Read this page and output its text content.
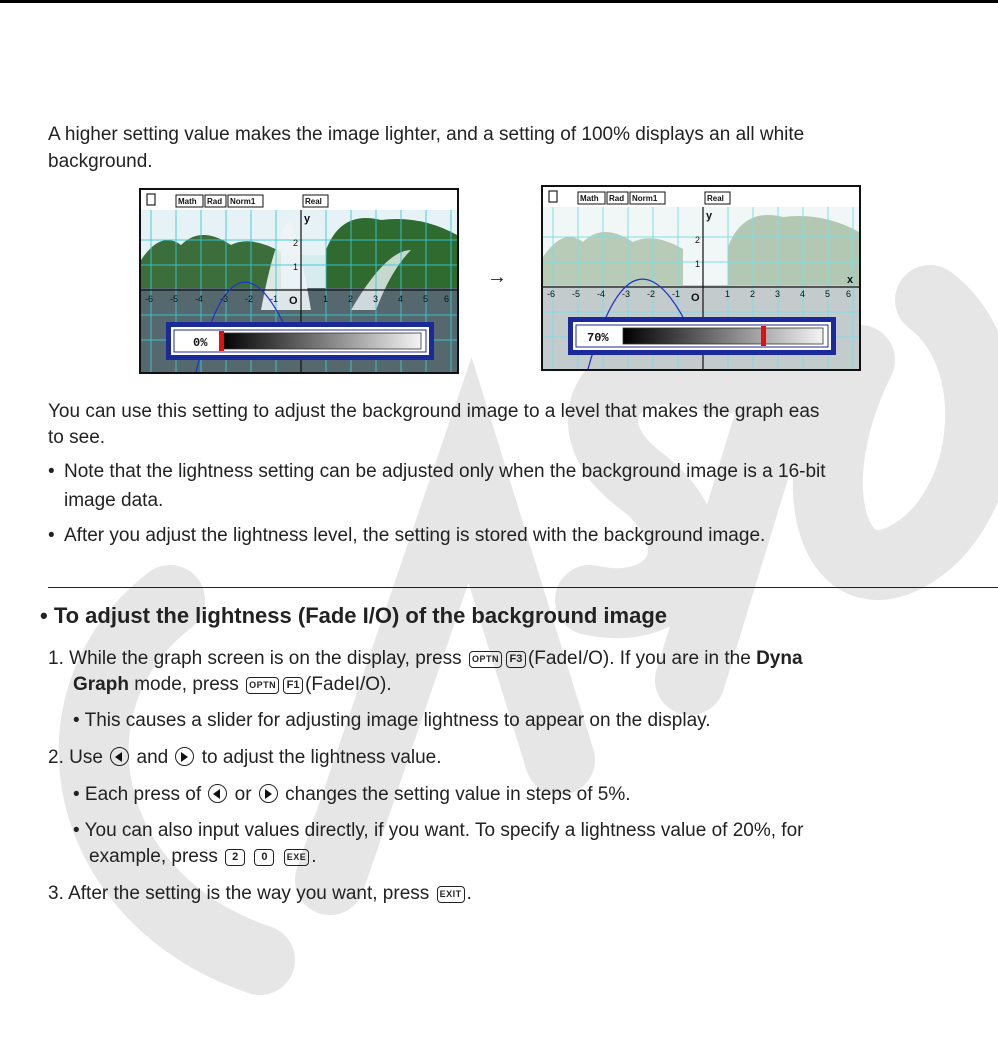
A higher setting value makes the image lighter, and a setting of 100% displays an all white

background.

Math Rad Norm1	Real
y
2
1
O
-6 -5 -4 -3 -2 -1	1 2 3 4 5 6
0%
→
Math Rad Norm1	Real
y
x
2
1
O
-6 -5 -4 -3 -2 -1	1 2 3 4 5 6
70%

You can use this setting to adjust the background image to a level that makes the graph eas

to see.

• Note that the lightness setting can be adjusted only when the background image is a 16-bit
image data.
• After you adjust the lightness level, the setting is stored with the background image.
• To adjust the lightness (Fade I/O) of the background image
1. While the graph screen is on the display, press OPTN F3 (FadeI/O). If you are in the Dyna
Graph mode, press OPTN F1 (FadeI/O).
• This causes a slider for adjusting image lightness to appear on the display.
2. Use and to adjust the lightness value.
• Each press of or changes the setting value in steps of 5%.
• You can also input values directly, if you want. To specify a lightness value of 20%, for
example, press 2 0 EXE .
3. After the setting is the way you want, press EXIT .
